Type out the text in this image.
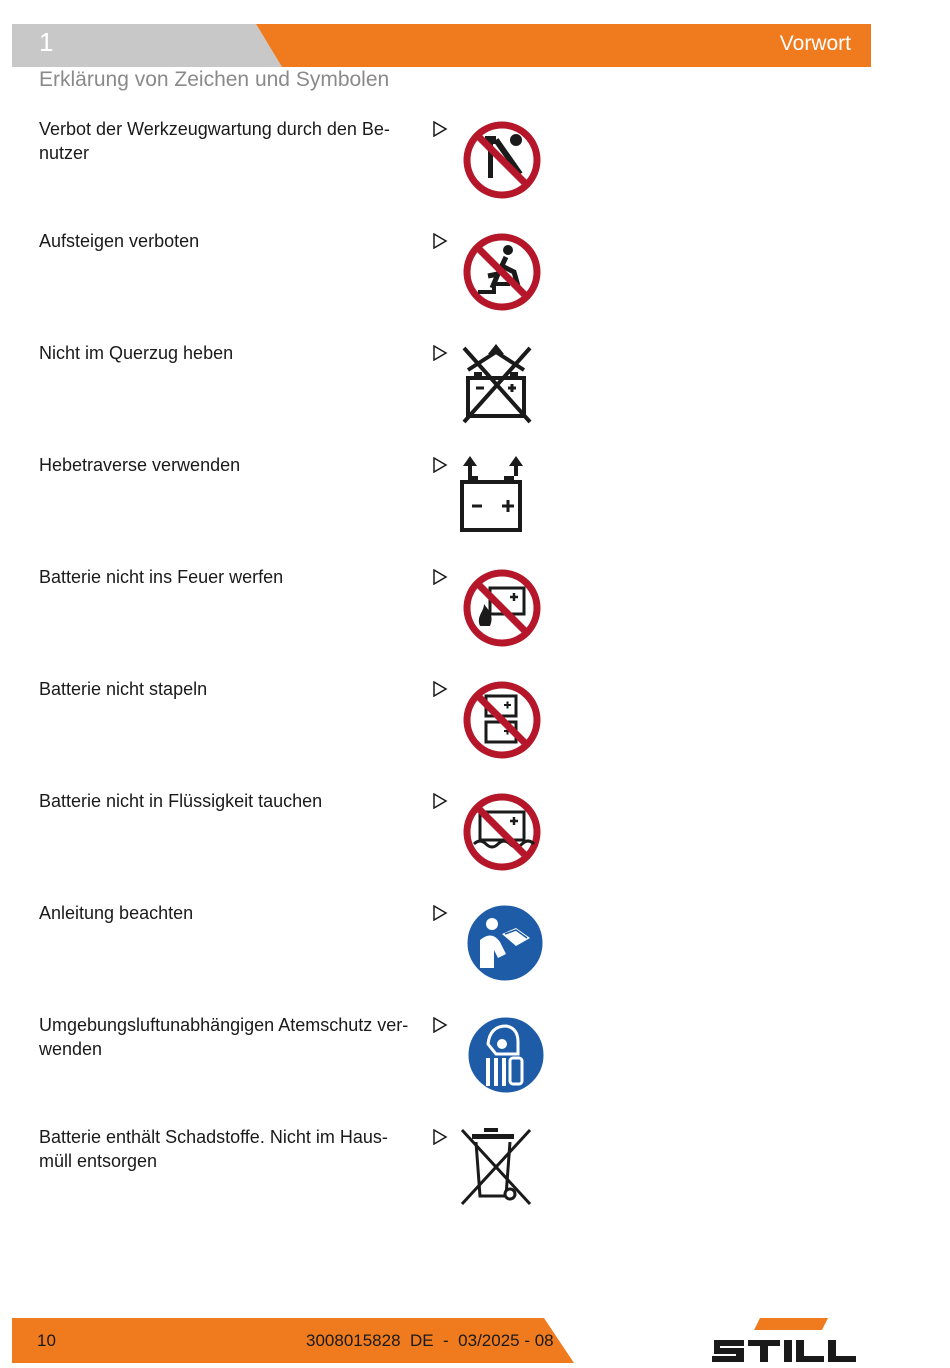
1	Vorwort
Erklärung von Zeichen und Symbolen
Verbot der Werkzeugwartung durch den Be-
nutzer
Aufsteigen verboten
Nicht im Querzug heben
Hebetraverse verwenden
Batterie nicht ins Feuer werfen
Batterie nicht stapeln
Batterie nicht in Flüssigkeit tauchen
Anleitung beachten
Umgebungsluftunabhängigen Atemschutz ver-
wenden
Batterie enthält Schadstoffe. Nicht im Haus-
müll entsorgen
10	3008015828  DE  -  03/2025 - 08
